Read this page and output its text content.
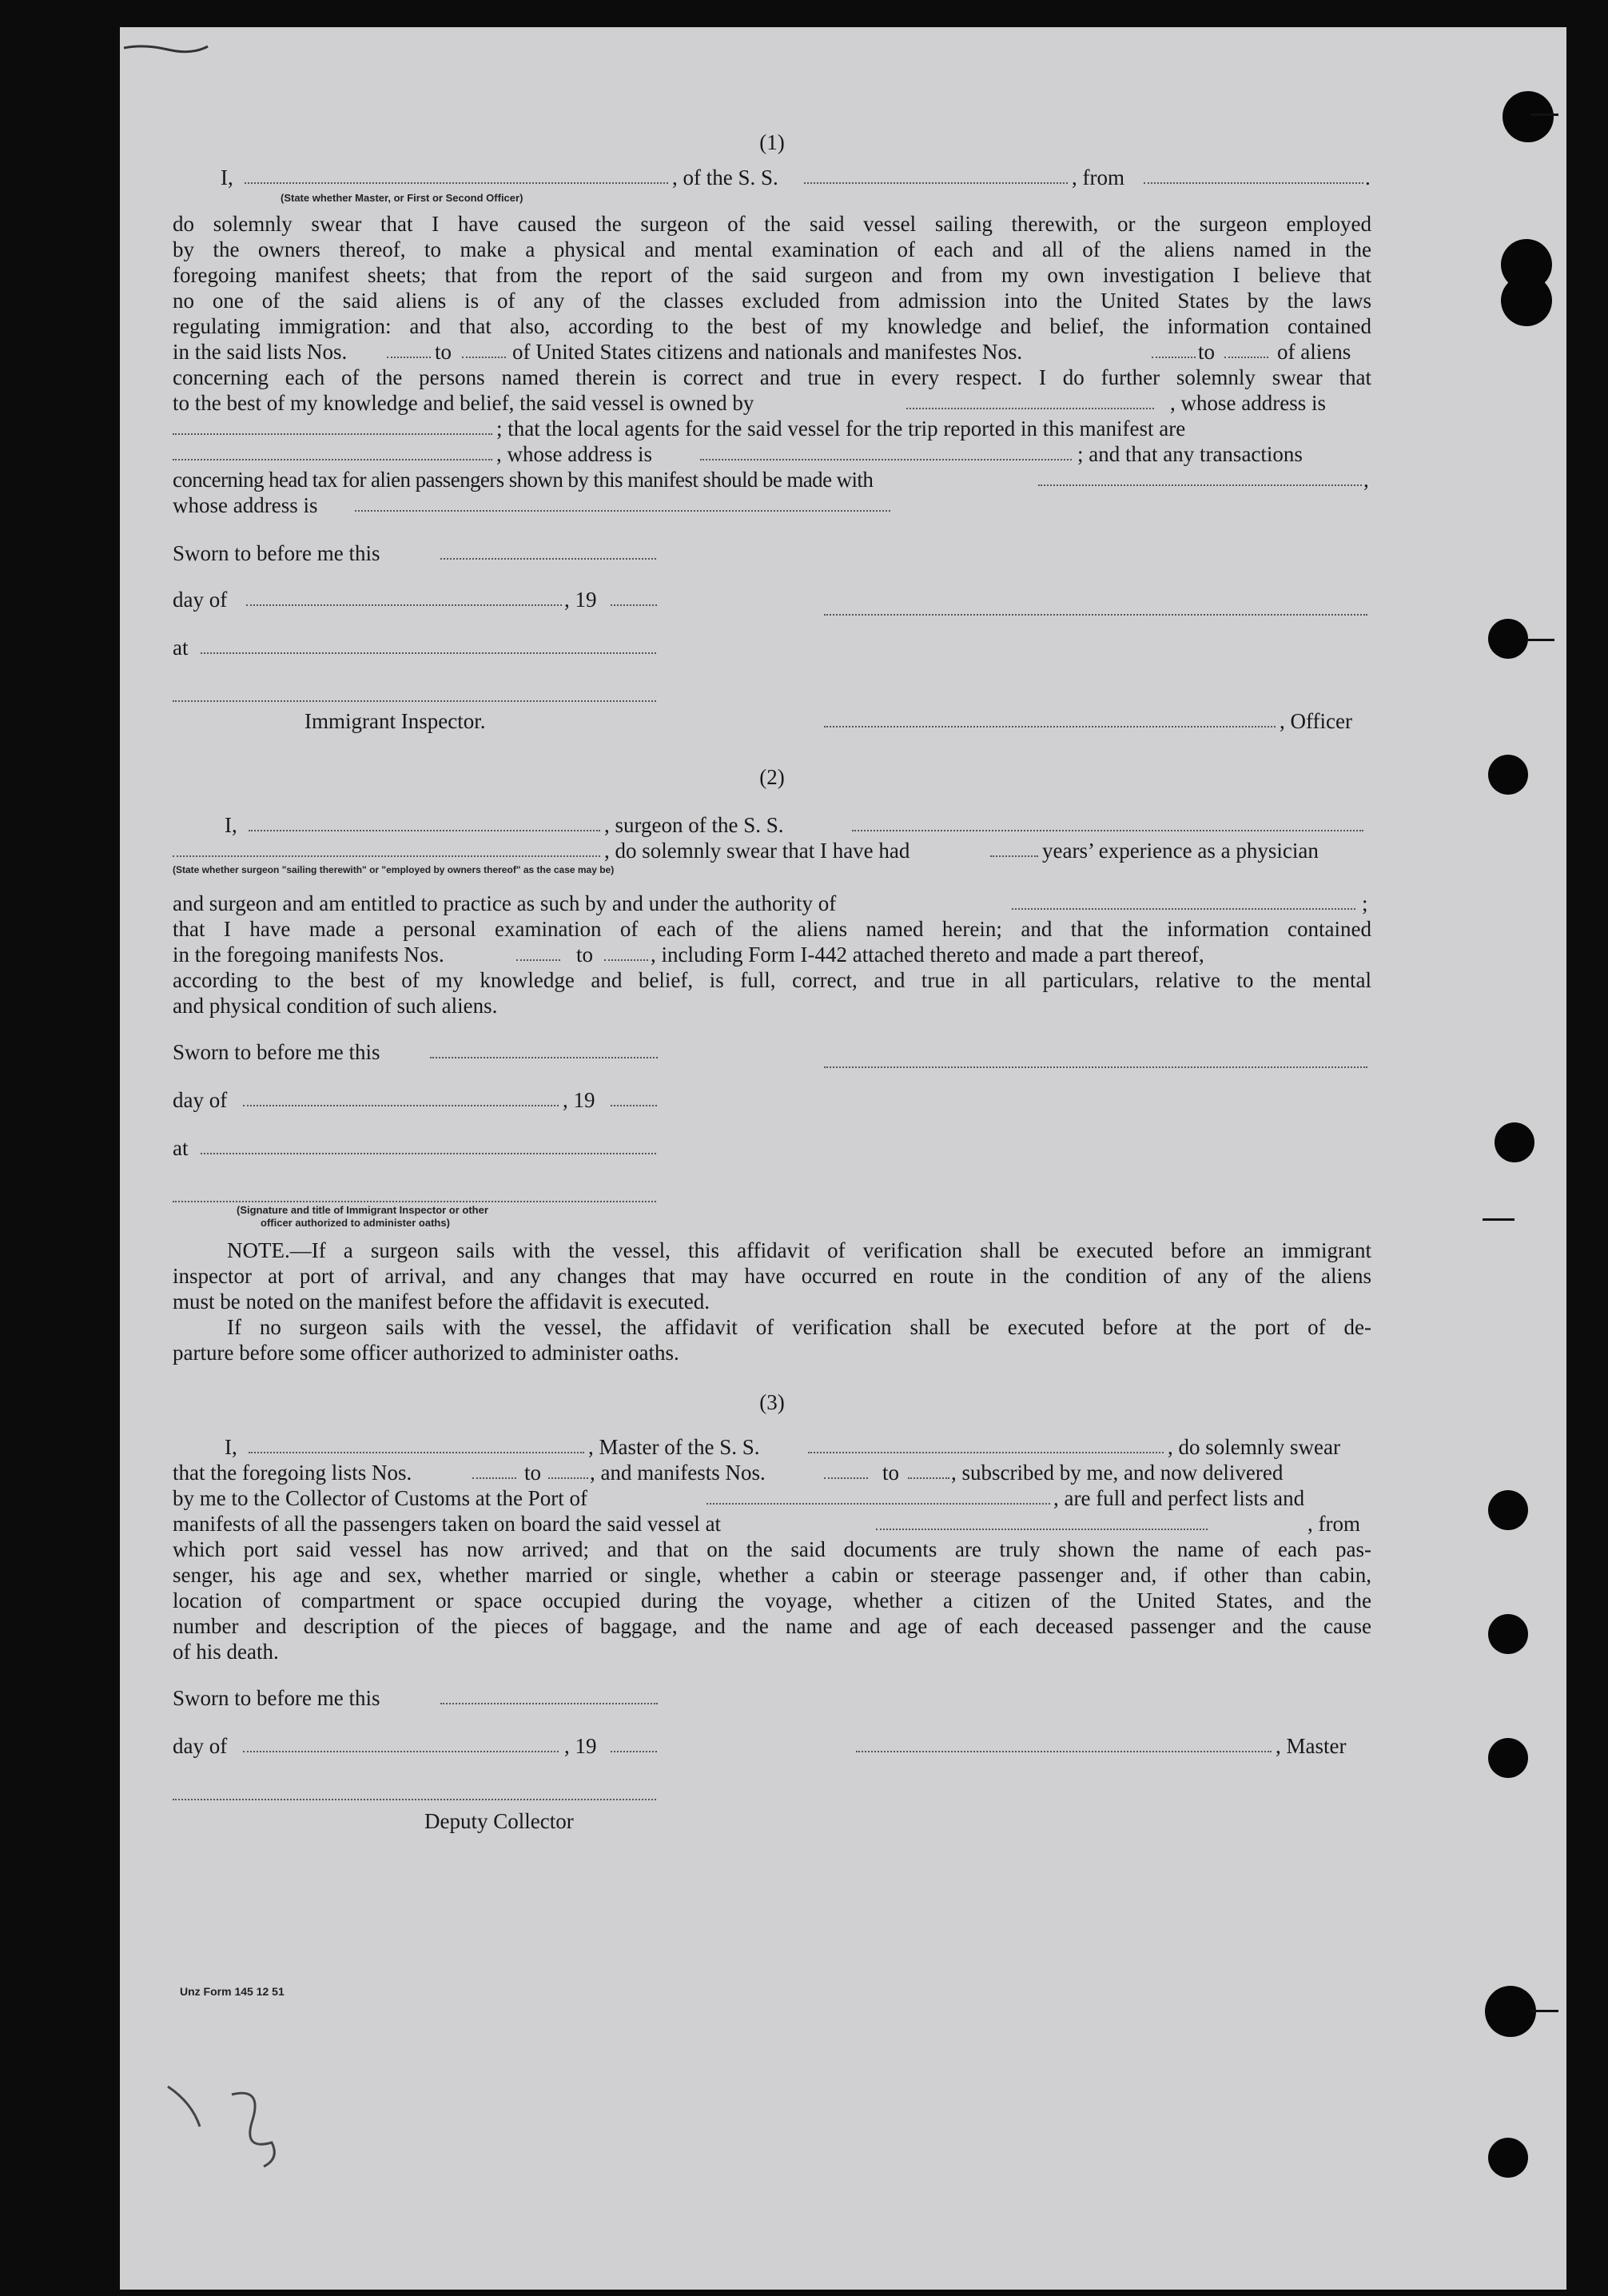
(1)
I,	, of the S. S.	, from	.
(State whether Master, or First or Second Officer)

do solemnly swear that I have caused the surgeon of the said vessel sailing therewith, or the surgeon employed

by the owners thereof, to make a physical and mental examination of each and all of the aliens named in the

foregoing manifest sheets; that from the report of the said surgeon and from my own investigation I believe that

no one of the said aliens is of any of the classes excluded from admission into the United States by the laws

regulating immigration: and that also, according to the best of my knowledge and belief, the information contained

in the said lists Nos.	to	of United States citizens and nationals and manifestes Nos.	to	of aliens

concerning each of the persons named therein is correct and true in every respect. I do further solemnly swear that

to the best of my knowledge and belief, the said vessel is owned by	, whose address is
; that the local agents for the said vessel for the trip reported in this manifest are
, whose address is	; and that any transactions
concerning head tax for alien passengers shown by this manifest should be made with	,
whose address is
Sworn to before me this
day of	, 19
at
Immigrant Inspector.	, Officer
(2)
I,	, surgeon of the S. S.
, do solemnly swear that I have had	years’ experience as a physician
(State whether surgeon "sailing therewith" or "employed by owners thereof" as the case may be)
and surgeon and am entitled to practice as such by and under the authority of	;

that I have made a personal examination of each of the aliens named herein; and that the information contained

in the foregoing manifests Nos.	to	, including Form I-442 attached thereto and made a part thereof,

according to the best of my knowledge and belief, is full, correct, and true in all particulars, relative to the mental

and physical condition of such aliens.

Sworn to before me this
day of	, 19
at
(Signature and title of Immigrant Inspector or other
officer authorized to administer oaths)

NOTE.—If a surgeon sails with the vessel, this affidavit of verification shall be executed before an immigrant

inspector at port of arrival, and any changes that may have occurred en route in the condition of any of the aliens

must be noted on the manifest before the affidavit is executed.

If no surgeon sails with the vessel, the affidavit of verification shall be executed before at the port of de-

parture before some officer authorized to administer oaths.

(3)
I,	, Master of the S. S.	, do solemnly swear
that the foregoing lists Nos.	to , and manifests Nos.	to , subscribed by me, and now delivered
by me to the Collector of Customs at the Port of	, are full and perfect lists and
manifests of all the passengers taken on board the said vessel at	, from

which port said vessel has now arrived; and that on the said documents are truly shown the name of each pas-

senger, his age and sex, whether married or single, whether a cabin or steerage passenger and, if other than cabin,

location of compartment or space occupied during the voyage, whether a citizen of the United States, and the

number and description of the pieces of baggage, and the name and age of each deceased passenger and the cause

of his death.

Sworn to before me this
day of	, 19	, Master
Deputy Collector
Unz Form 145 12 51
